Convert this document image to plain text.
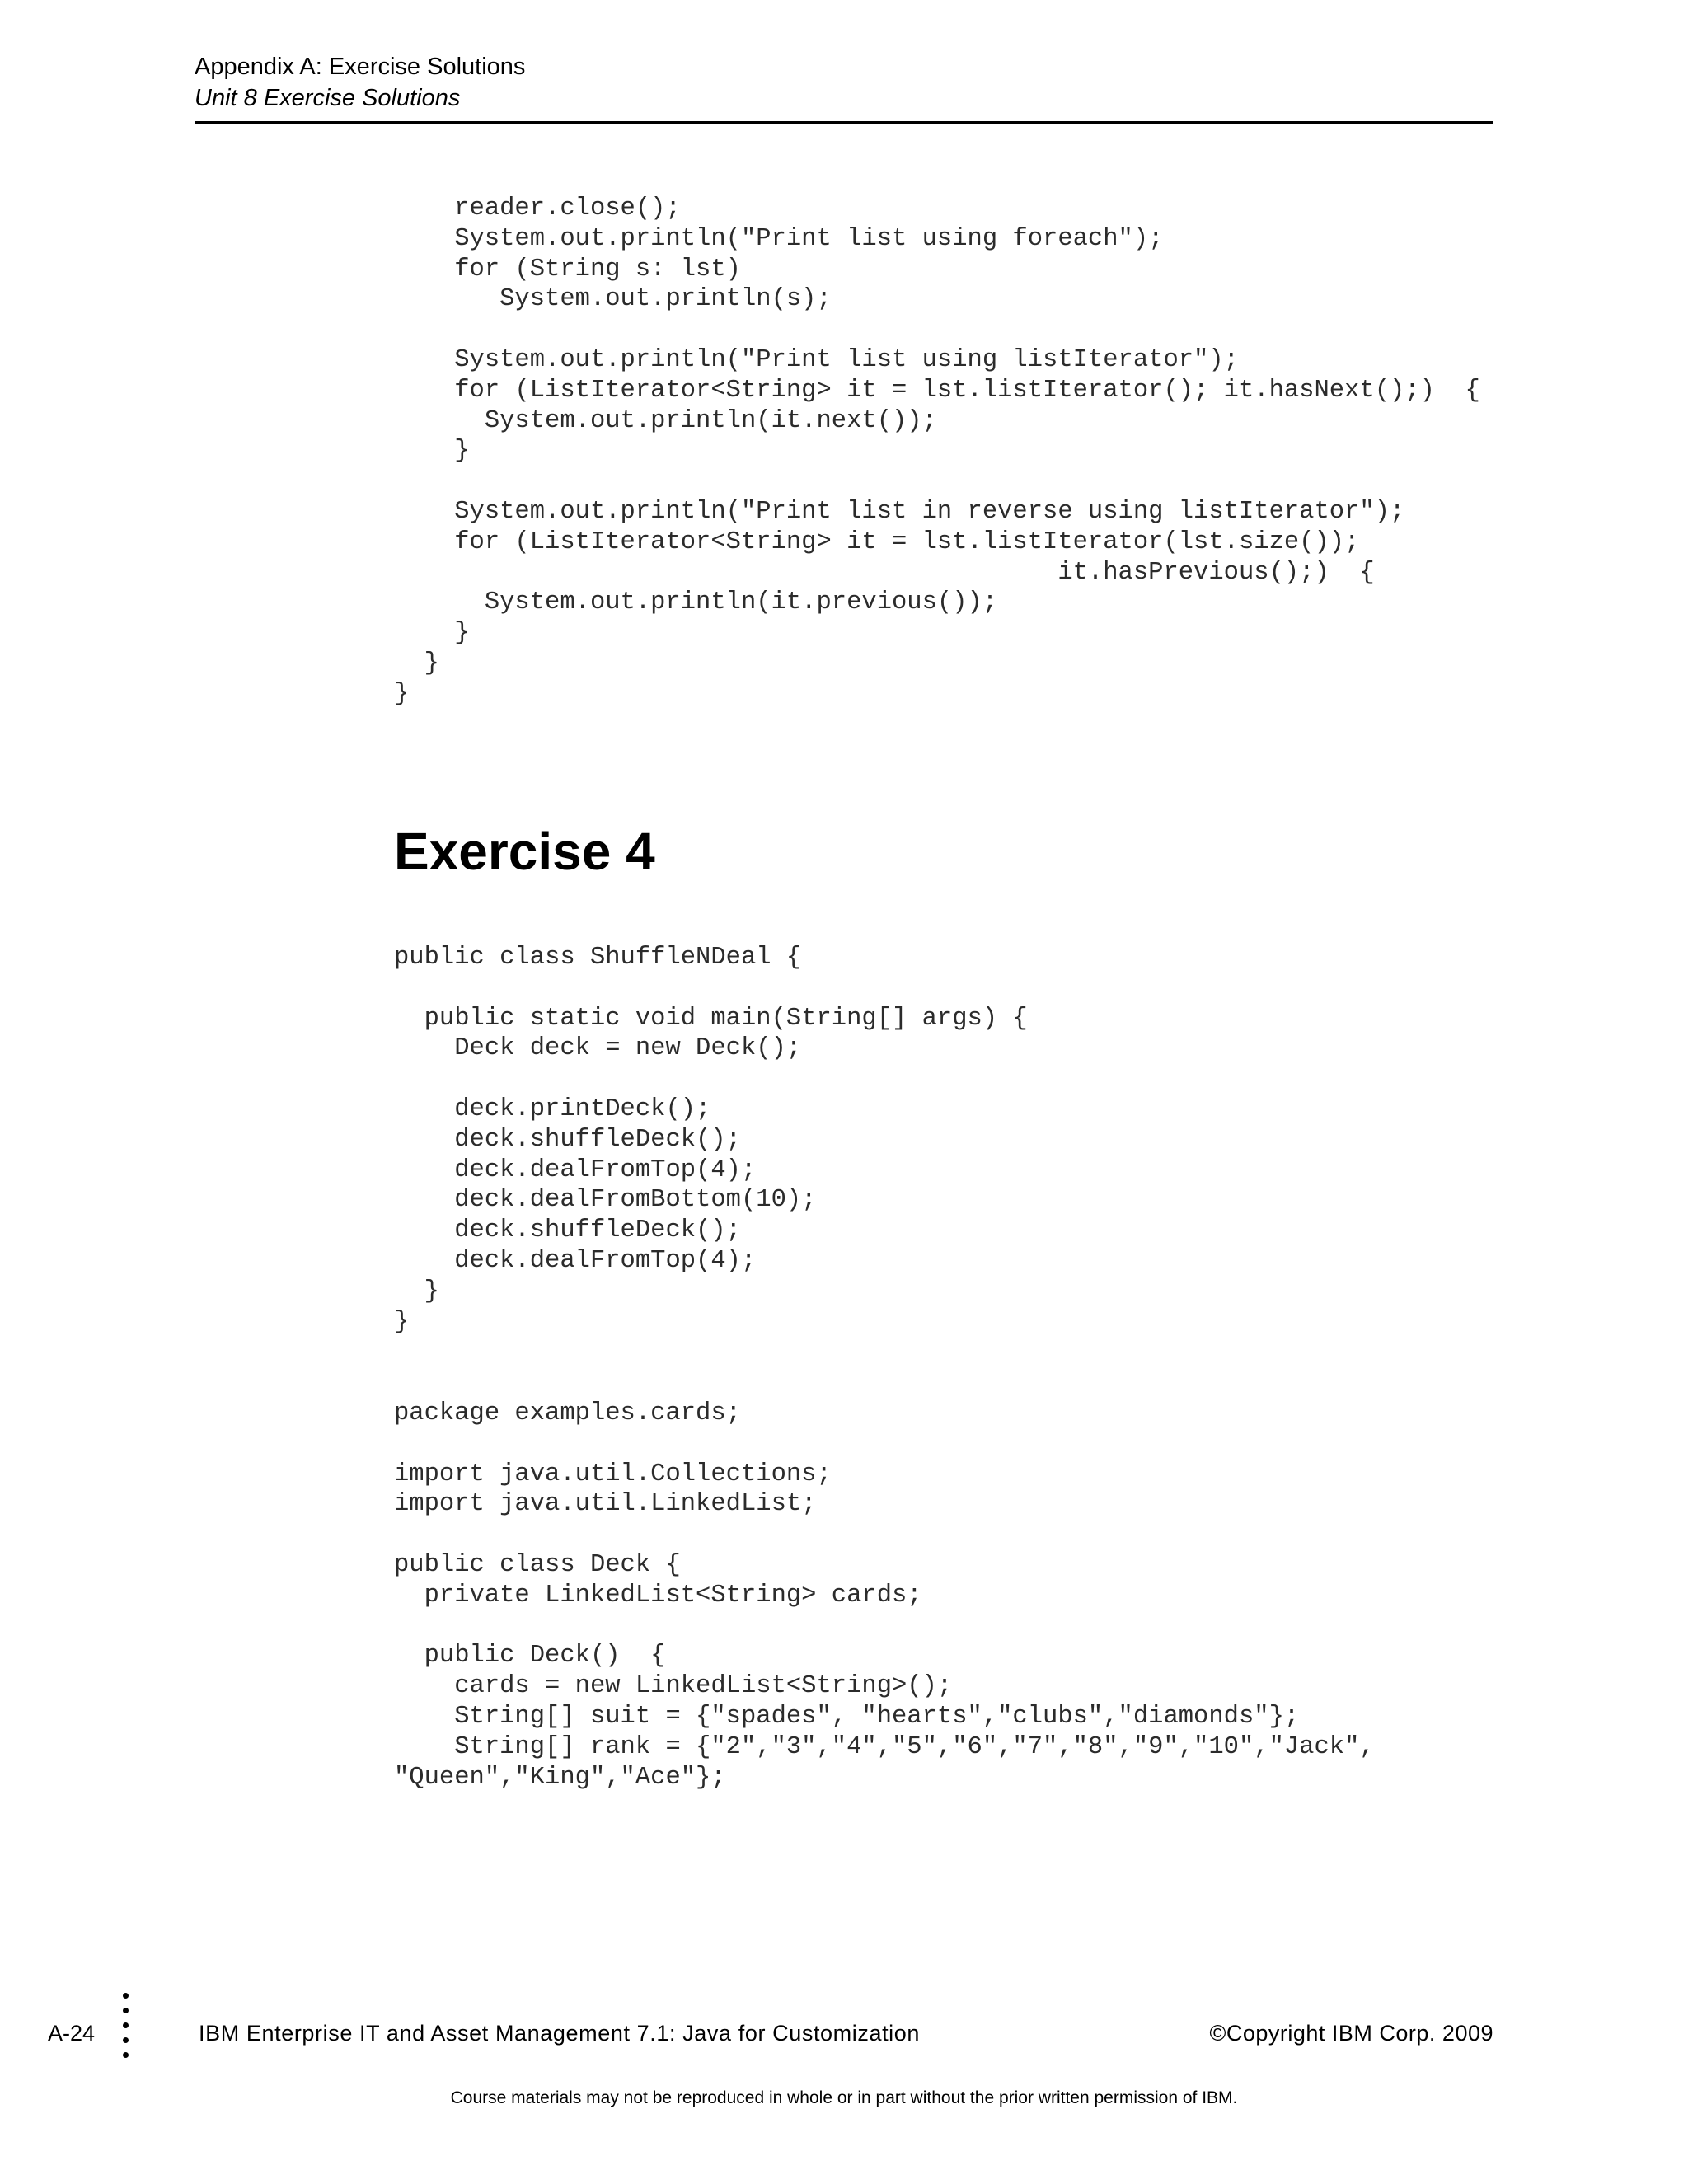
Appendix A: Exercise Solutions
Unit 8 Exercise Solutions
reader.close();
System.out.println("Print list using foreach");
for (String s: lst)
System.out.println(s);

System.out.println("Print list using listIterator");
for (ListIterator<String> it = lst.listIterator(); it.hasNext();)  {
System.out.println(it.next());
}

System.out.println("Print list in reverse using listIterator");
for (ListIterator<String> it = lst.listIterator(lst.size());
it.hasPrevious();)  {
System.out.println(it.previous());
}
}
}
Exercise 4
public class ShuffleNDeal {

public static void main(String[] args) {
Deck deck = new Deck();

deck.printDeck();
deck.shuffleDeck();
deck.dealFromTop(4);
deck.dealFromBottom(10);
deck.shuffleDeck();
deck.dealFromTop(4);
}
}
package examples.cards;

import java.util.Collections;
import java.util.LinkedList;

public class Deck {
private LinkedList<String> cards;

public Deck()  {
cards = new LinkedList<String>();
String[] suit = {"spades", "hearts","clubs","diamonds"};
String[] rank = {"2","3","4","5","6","7","8","9","10","Jack",
"Queen","King","Ace"};
A-24	IBM Enterprise IT and Asset Management 7.1: Java for Customization	©Copyright IBM Corp. 2009
Course materials may not be reproduced in whole or in part without the prior written permission of IBM.
